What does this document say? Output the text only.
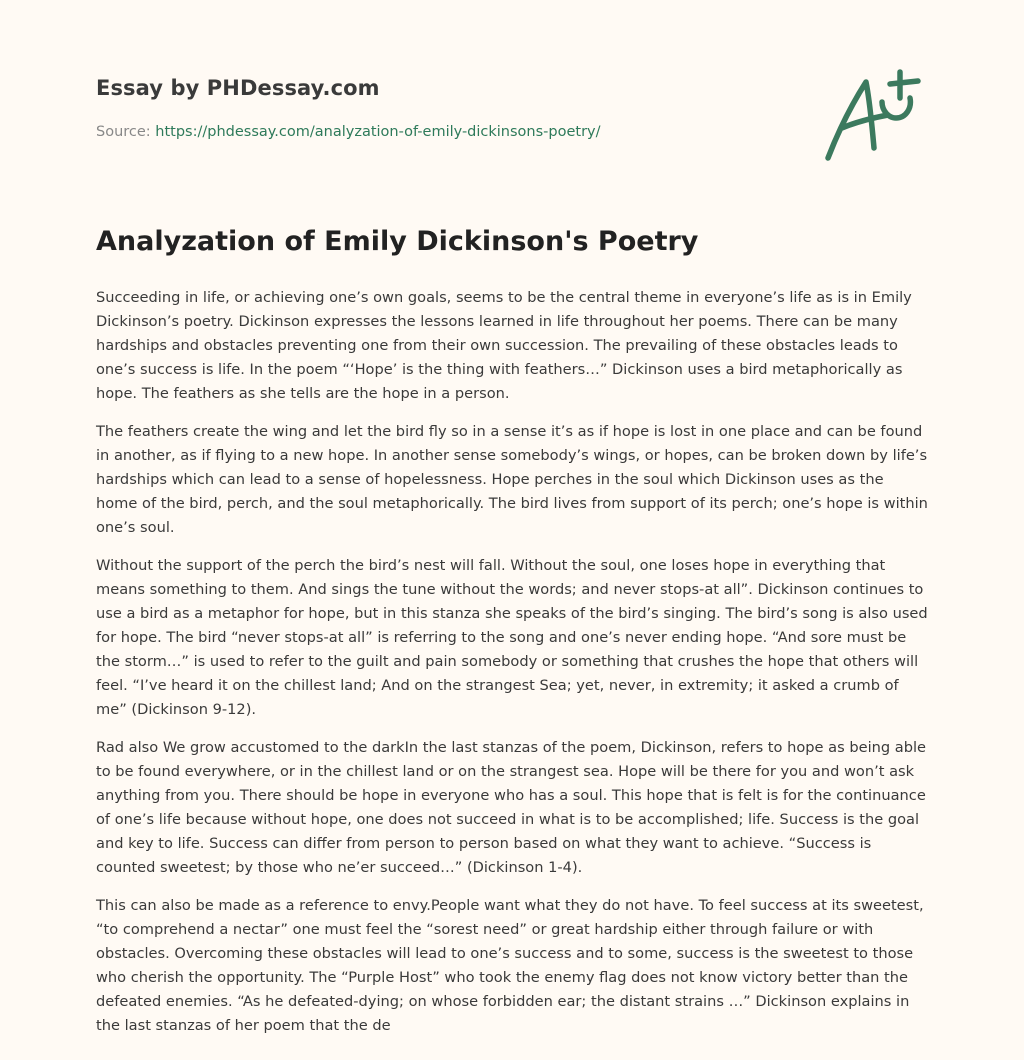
Essay by PHDessay.com
Source: https://phdessay.com/analyzation-of-emily-dickinsons-poetry/
Analyzation of Emily Dickinson's Poetry

Succeeding in life, or achieving one’s own goals, seems to be the central theme in everyone’s life as is in Emily Dickinson’s poetry. Dickinson expresses the lessons learned in life throughout her poems. There can be many hardships and obstacles preventing one from their own succession. The prevailing of these obstacles leads to one’s success is life. In the poem “‘Hope’ is the thing with feathers…” Dickinson uses a bird metaphorically as hope. The feathers as she tells are the hope in a person.

The feathers create the wing and let the bird fly so in a sense it’s as if hope is lost in one place and can be found in another, as if flying to a new hope. In another sense somebody’s wings, or hopes, can be broken down by life’s hardships which can lead to a sense of hopelessness. Hope perches in the soul which Dickinson uses as the home of the bird, perch, and the soul metaphorically. The bird lives from support of its perch; one’s hope is within one’s soul.

Without the support of the perch the bird’s nest will fall. Without the soul, one loses hope in everything that means something to them. And sings the tune without the words; and never stops-at all”. Dickinson continues to use a bird as a metaphor for hope, but in this stanza she speaks of the bird’s singing. The bird’s song is also used for hope. The bird “never stops-at all” is referring to the song and one’s never ending hope. “And sore must be the storm…” is used to refer to the guilt and pain somebody or something that crushes the hope that others will feel. “I’ve heard it on the chillest land; And on the strangest Sea; yet, never, in extremity; it asked a crumb of me” (Dickinson 9-12).

Rad also We grow accustomed to the darkIn the last stanzas of the poem, Dickinson, refers to hope as being able to be found everywhere, or in the chillest land or on the strangest sea. Hope will be there for you and won’t ask anything from you. There should be hope in everyone who has a soul. This hope that is felt is for the continuance of one’s life because without hope, one does not succeed in what is to be accomplished; life. Success is the goal and key to life. Success can differ from person to person based on what they want to achieve. “Success is counted sweetest; by those who ne’er succeed…” (Dickinson 1-4).

This can also be made as a reference to envy.People want what they do not have. To feel success at its sweetest, “to comprehend a nectar” one must feel the “sorest need” or great hardship either through failure or with obstacles. Overcoming these obstacles will lead to one’s success and to some, success is the sweetest to those who cherish the opportunity. The “Purple Host” who took the enemy flag does not know victory better than the defeated enemies. “As he defeated-dying; on whose forbidden ear; the distant strains …” Dickinson explains in the last stanzas of her poem that the de
